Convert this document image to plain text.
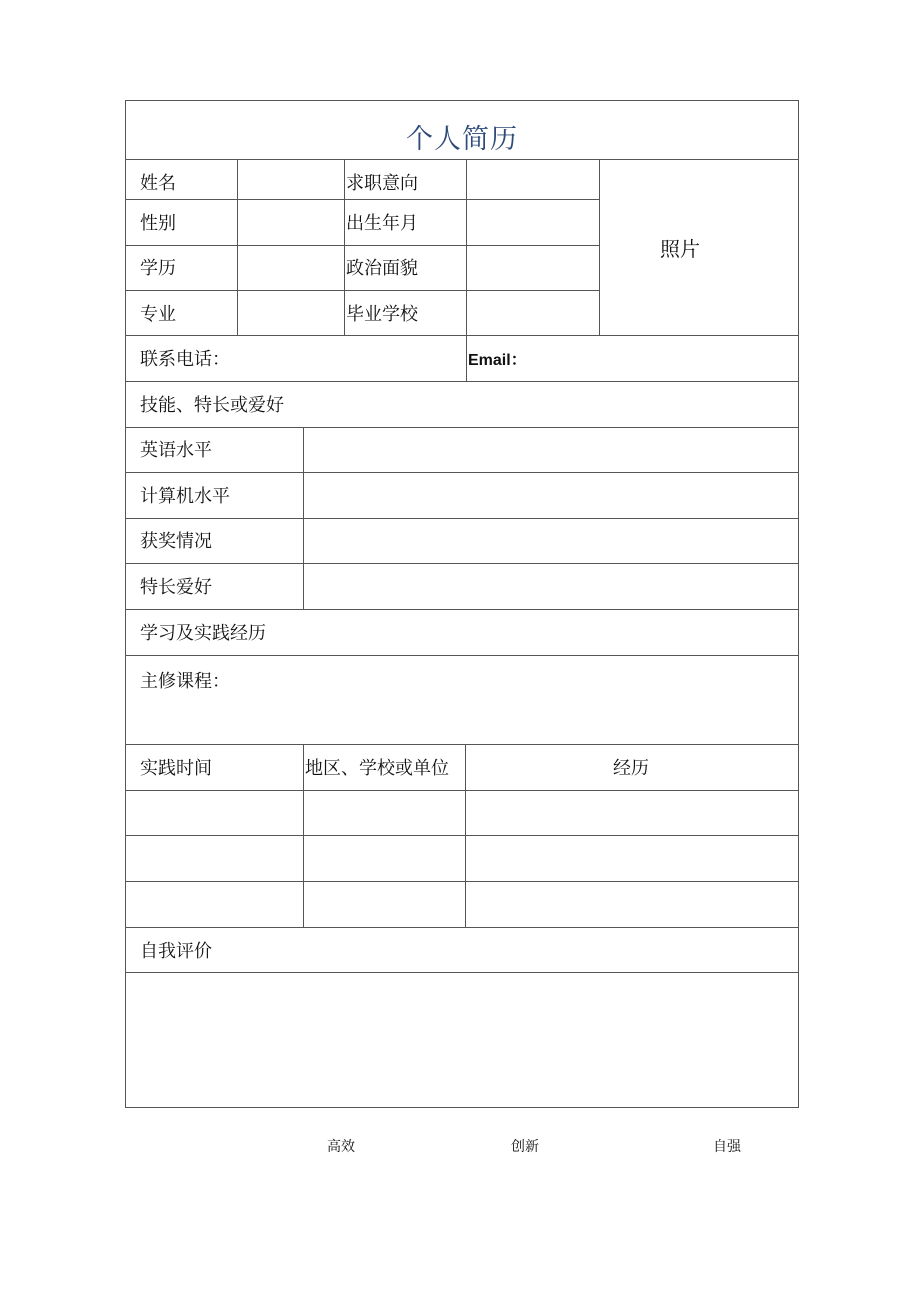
个人简历
姓名	求职意向
性别	出生年月
学历	政治面貌
专业	毕业学校
照片
联系电话：	Email：
技能、特长或爱好
英语水平
计算机水平
获奖情况
特长爱好
学习及实践经历
主修课程：
实践时间	地区、学校或单位	经历
自我评价
高效	创新	自强
